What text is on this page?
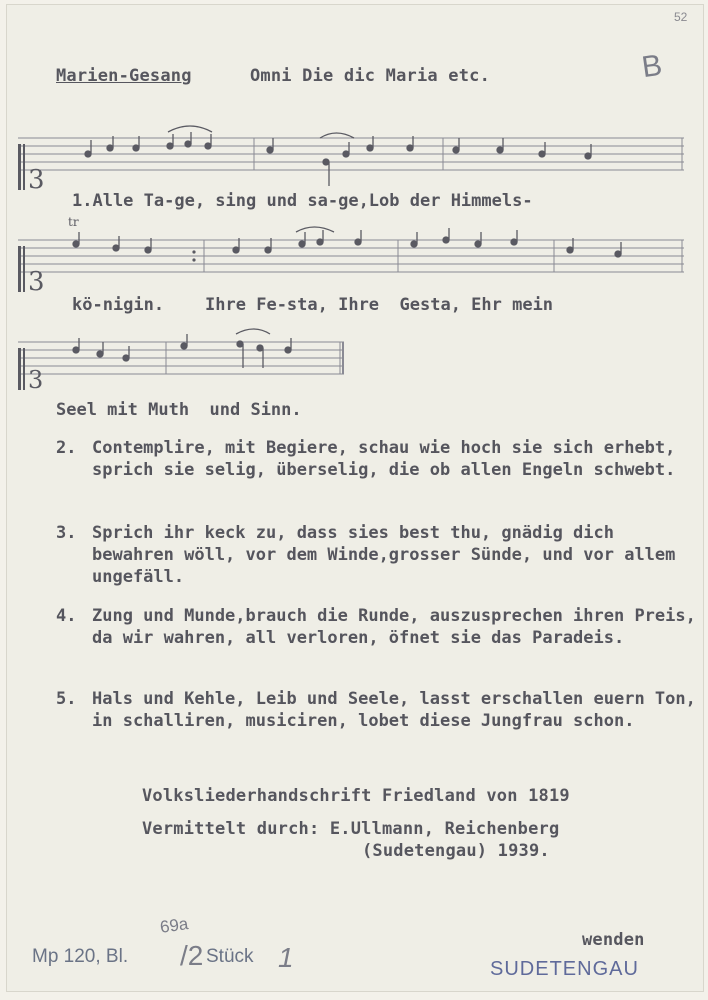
52
B
Marien-Gesang	Omni Die dic Maria etc.
3
1.Alle Ta-ge, sing und sa-ge,Lob der Himmels-
3
tr
kö-nigin.    Ihre Fe-sta, Ihre  Gesta, Ehr mein
3
Seel mit Muth  und Sinn.
2. Contemplire, mit Begiere, schau wie hoch sie sich erhebt, sprich sie selig, überselig, die ob allen Engeln schwebt.
3. Sprich ihr keck zu, dass sies best thu, gnädig dich bewahren wöll, vor dem Winde,grosser Sünde, und vor allem ungefäll.
4. Zung und Munde,brauch die Runde, auszusprechen ihren Preis, da wir wahren, all verloren, öfnet sie das Paradeis.
5. Hals und Kehle, Leib und Seele, lasst erschallen euern Ton, in schalliren, musiciren, lobet diese Jungfrau schon.
Volksliederhandschrift Friedland von 1819
Vermittelt durch: E.Ullmann, Reichenberg
(Sudetengau) 1939.
Mp 120, Bl.
69a
/2 Stück 1
wenden
SUDETENGAU
